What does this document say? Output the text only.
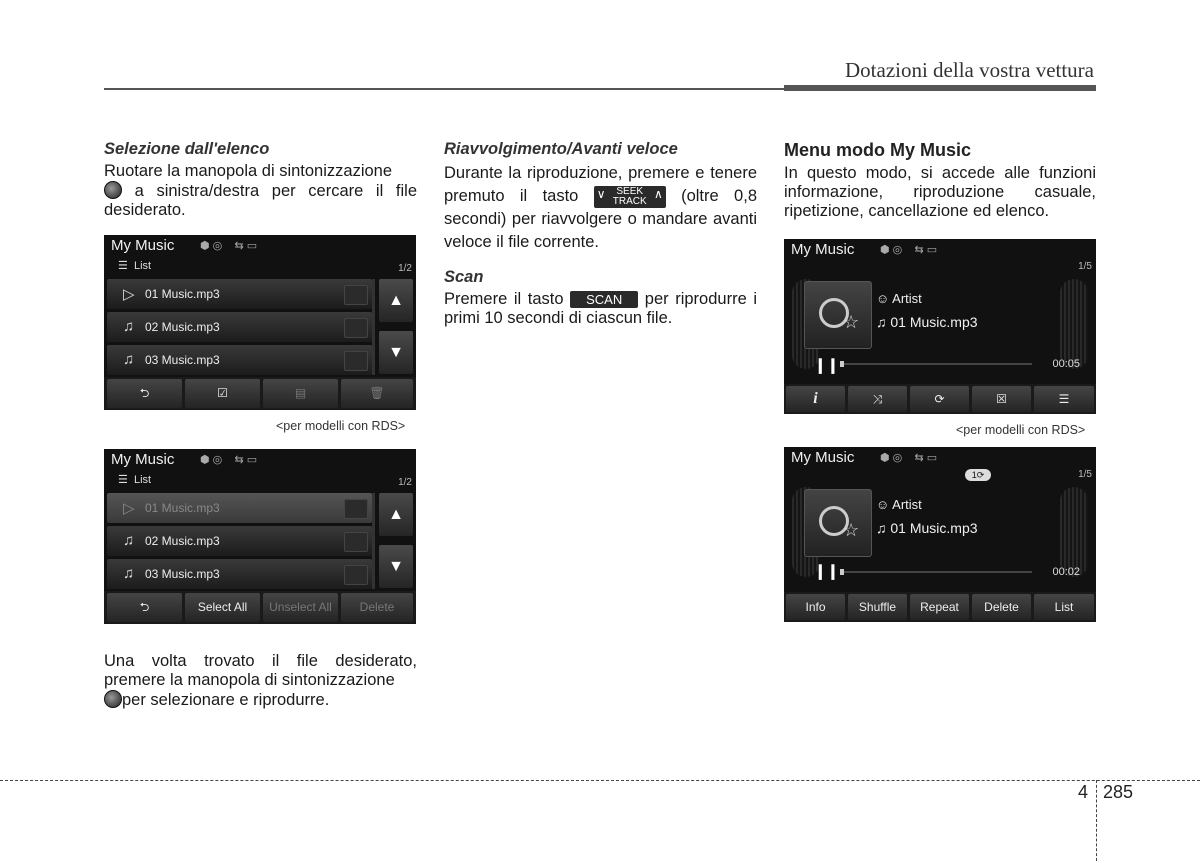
Dotazioni della vostra vettura
Selezione dall'elenco
Ruotare la manopola di sintonizzazione
a sinistra/destra per cercare il file desiderato.
My Music ⬢ ◎    ⇆ ▭
☰  List	1/2
▷ 01 Music.mp3
♫ 02 Music.mp3
♫ 03 Music.mp3
▲
▼
⮌	☑	▤	🗑
<per modelli con RDS>
My Music ⬢ ◎    ⇆ ▭
☰  List	1/2
▷ 01 Music.mp3
♫ 02 Music.mp3
♫ 03 Music.mp3
▲
▼
⮌	Select All	Unselect All	Delete
Una volta trovato il file desiderato, premere la manopola di sintonizzazione
per selezionare e riprodurre.
Riavvolgimento/Avanti veloce
Durante la riproduzione, premere e tenere premuto il tasto ∨	SEEK
TRACK
∧ (oltre 0,8 secondi) per riavvolgere o mandare avanti veloce il file corrente.
Scan
Premere il tasto SCAN per riprodurre i primi 10 secondi di ciascun file.
Menu modo My Music
In questo modo, si accede alle funzioni informazione, riproduzione casuale, ripetizione, cancellazione ed elenco.
My Music ⬢ ◎    ⇆ ▭
1/5
☆
☺ Artist
♫ 01 Music.mp3
❙❙	00:05
i	⤨	⟳	☒	☰
<per modelli con RDS>
My Music ⬢ ◎    ⇆ ▭
1⟳	1/5
☆
☺ Artist
♫ 01 Music.mp3
❙❙	00:02
Info	Shuffle	Repeat	Delete	List
4 285
